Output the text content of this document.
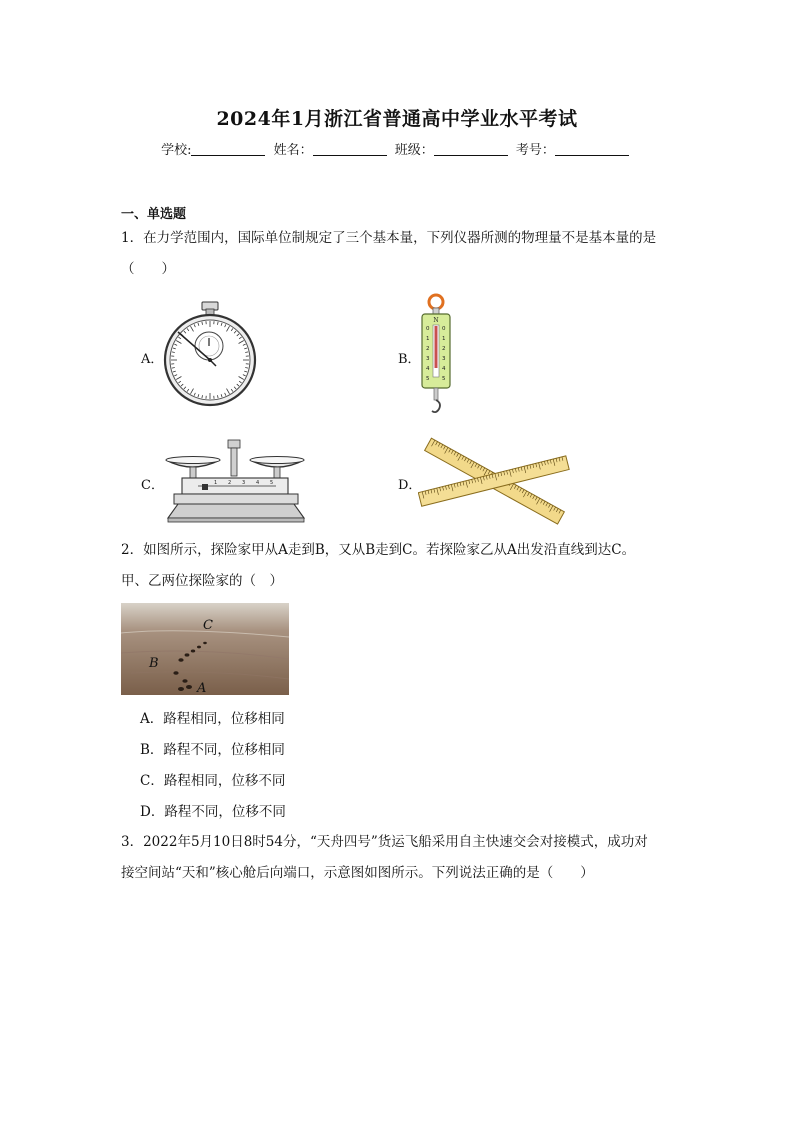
2024年1月浙江省普通高中学业水平考试
学校:	姓名：	班级：	考号：
一、单选题
1．在力学范围内，国际单位制规定了三个基本量，下列仪器所测的物理量不是基本量的是
（　　）
A．	B．
C．	D．
N
0
1
2
3
4
5
0
1
2
3
4
5
1 2 3 4 5
2．如图所示，探险家甲从A走到B，又从B走到C。若探险家乙从A出发沿直线到达C。
甲、乙两位探险家的（　）
A
B
C
A．路程相同，位移相同
B．路程不同，位移相同
C．路程相同，位移不同
D．路程不同，位移不同
3．2022年5月10日8时54分，“天舟四号”货运飞船采用自主快速交会对接模式，成功对
接空间站“天和”核心舱后向端口，示意图如图所示。下列说法正确的是（　　）
